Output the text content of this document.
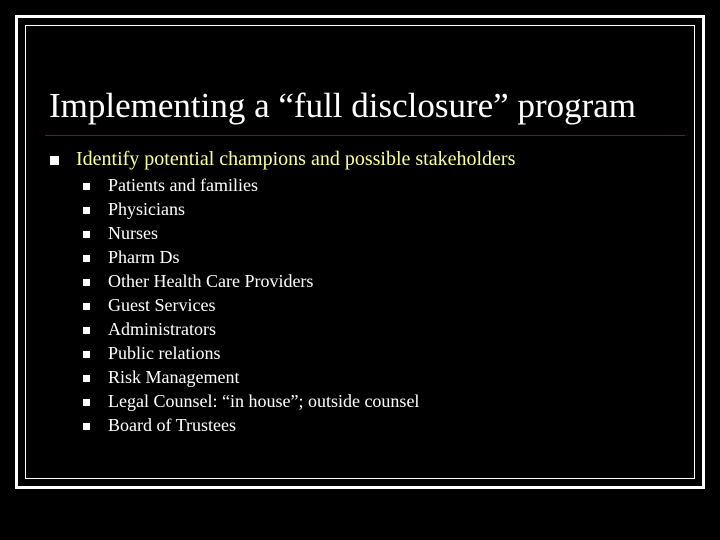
Implementing a “full disclosure” program
Identify potential champions and possible stakeholders
Patients and families
Physicians
Nurses
Pharm Ds
Other Health Care Providers
Guest Services
Administrators
Public relations
Risk Management
Legal Counsel: “in house”; outside counsel
Board of Trustees
